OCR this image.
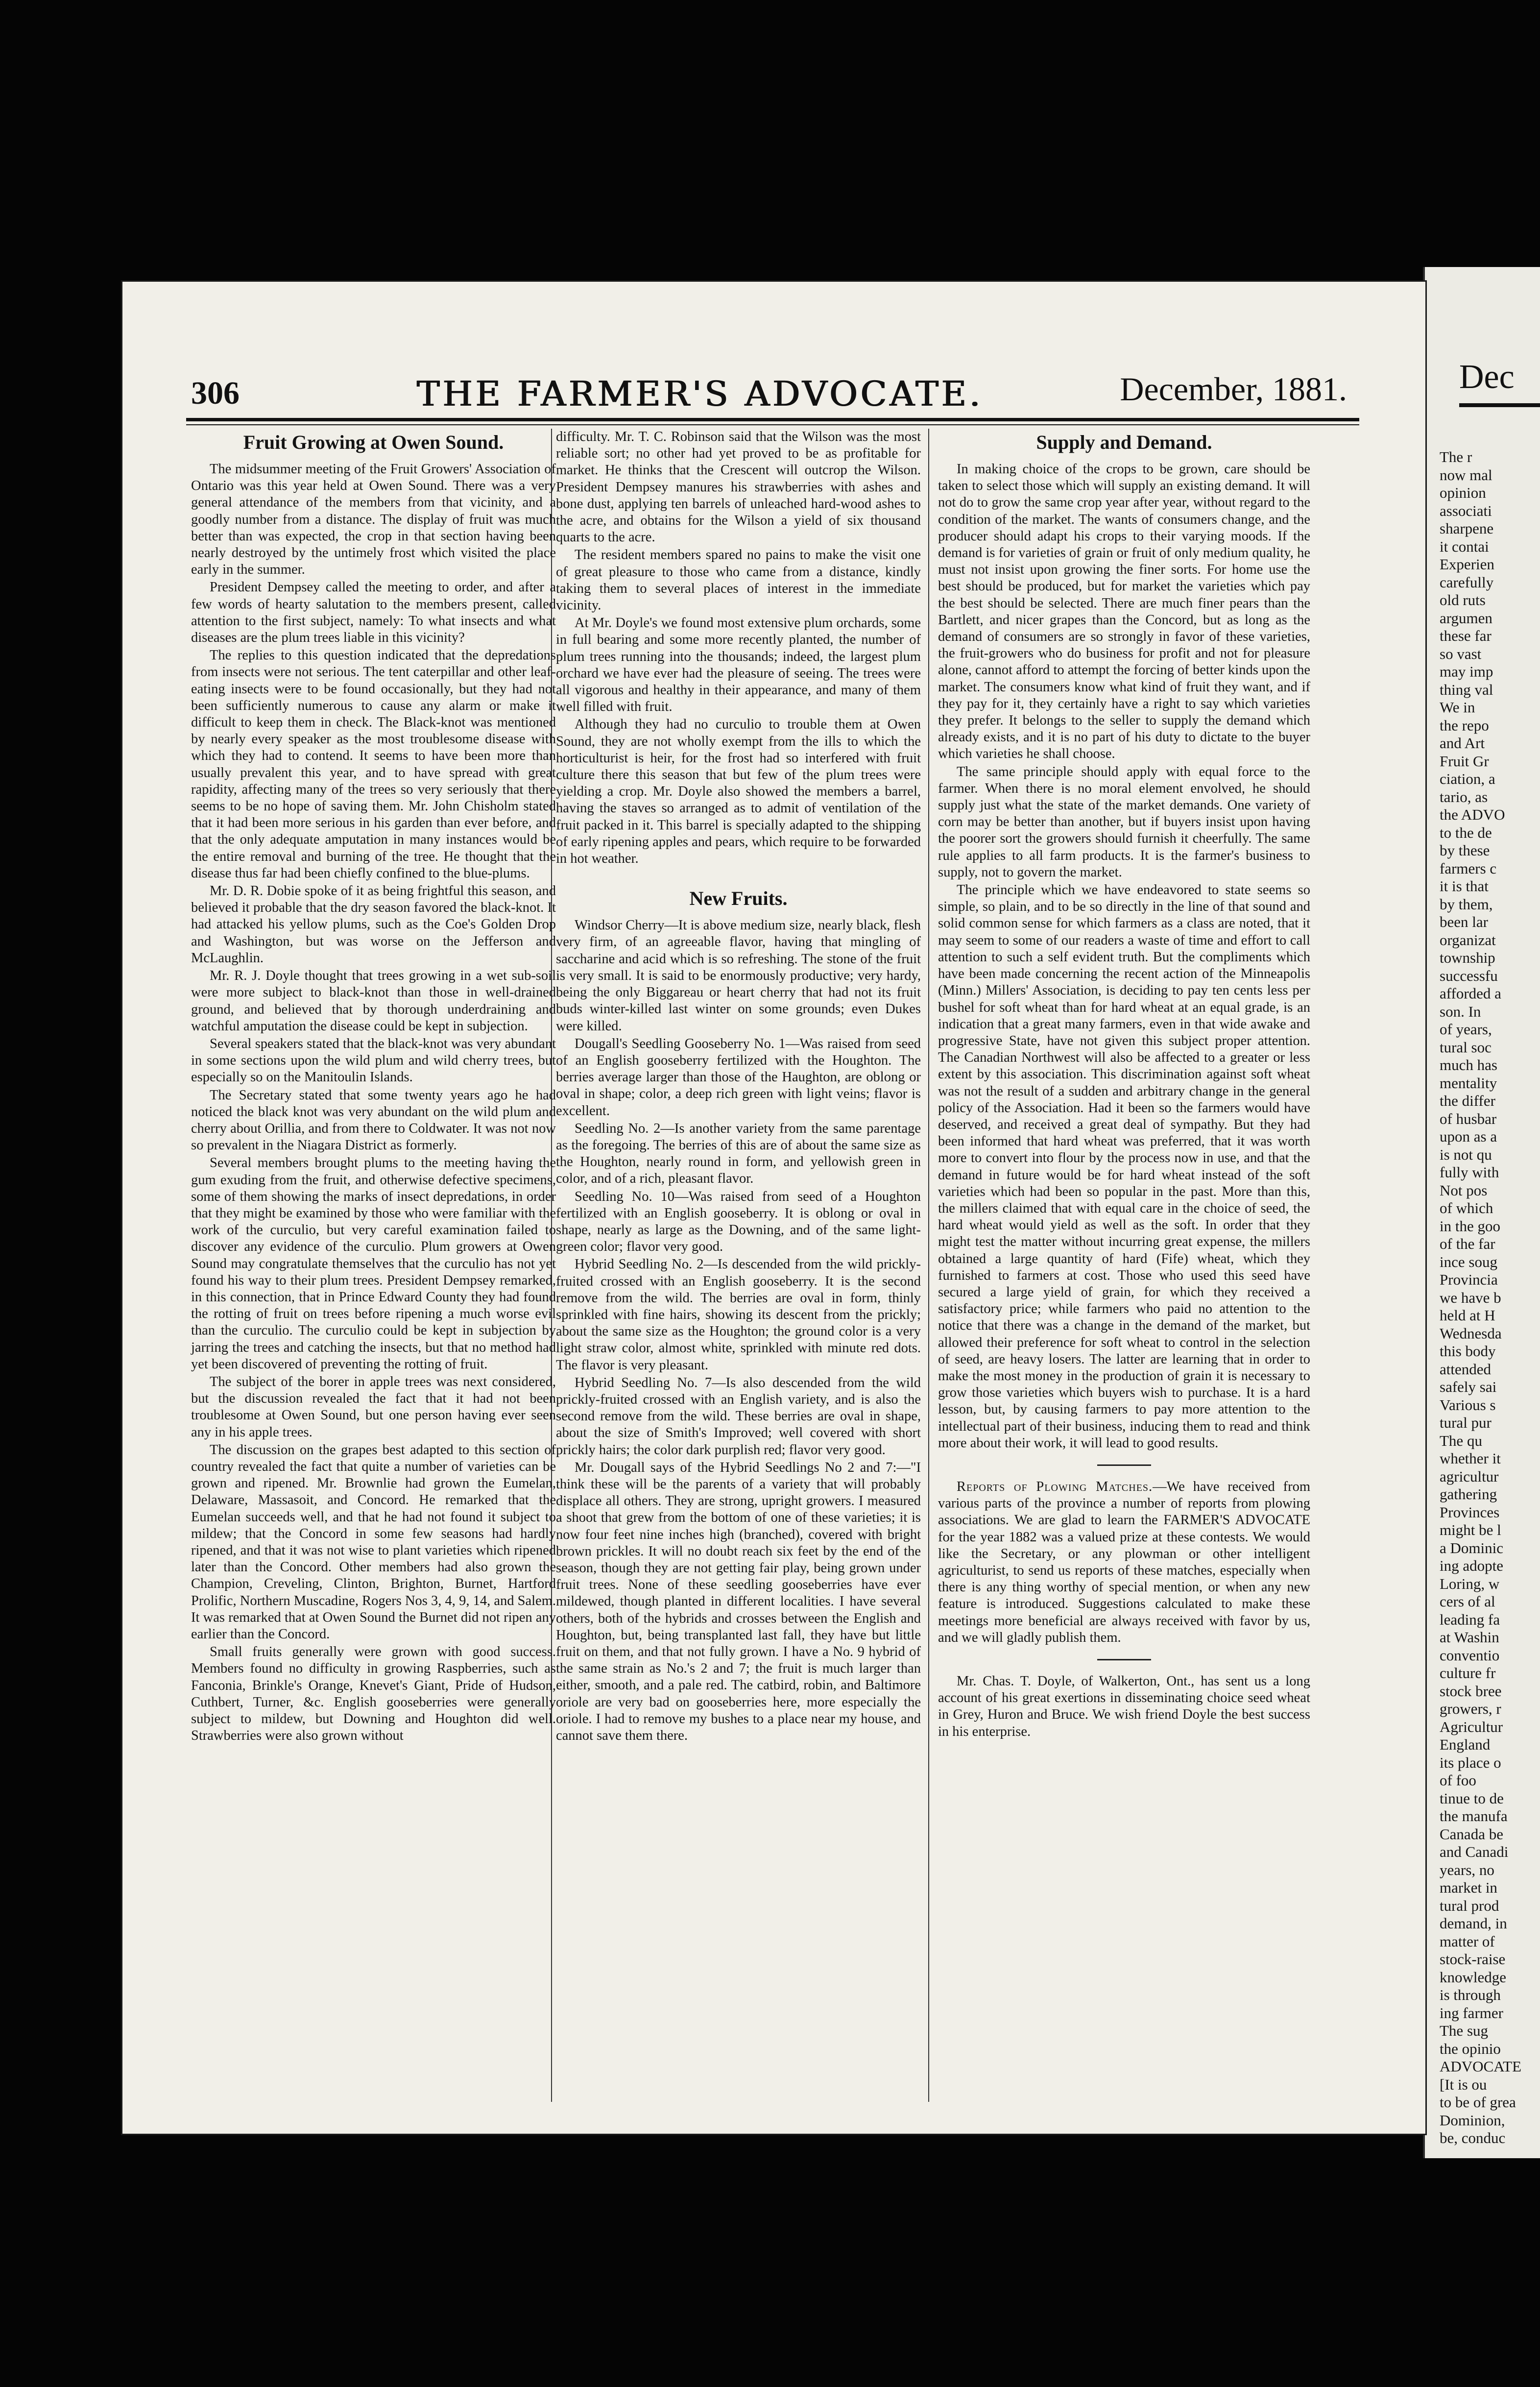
Dec
The r
now mal
opinion
associati
sharpene
it contai
Experien
carefully
old ruts
argumen
these far
so vast
may imp
thing val
We in
the repo
and Art
Fruit Gr
ciation, a
tario, as
the ADVO
to the de
by these
farmers c
it is that
by them,
been lar
organizat
township
successfu
afforded a
son. In
of years,
tural soc
much has
mentality
the differ
of husbar
upon as a
is not qu
fully with
Not pos
of which
in the goo
of the far
ince soug
Provincia
we have b
held at H
Wednesda
this body
attended
safely sai
Various s
tural pur
The qu
whether it
agricultur
gathering
Provinces
might be l
a Dominic
ing adopte
Loring, w
cers of al
leading fa
at Washin
conventio
culture fr
stock bree
growers, r
Agricultur
England
its place o
of foo
tinue to de
the manufa
Canada be
and Canadi
years, no
market in
tural prod
demand, in
matter of
stock-raise
knowledge
is through
ing farmer
The sug
the opinio
ADVOCATE
[It is ou
to be of grea
Dominion,
be, conduc
306	THE FARMER'S ADVOCATE.	December, 1881.
Fruit Growing at Owen Sound.

The midsummer meeting of the Fruit Growers' Association of Ontario was this year held at Owen Sound. There was a very general attendance of the members from that vicinity, and a goodly number from a distance. The display of fruit was much better than was expected, the crop in that section having been nearly destroyed by the untimely frost which visited the place early in the summer.

President Dempsey called the meeting to order, and after a few words of hearty salutation to the members present, called attention to the first subject, namely: To what insects and what diseases are the plum trees liable in this vicinity?

The replies to this question indicated that the depredations from insects were not serious. The tent caterpillar and other leaf-eating insects were to be found occasionally, but they had not been sufficiently numerous to cause any alarm or make it difficult to keep them in check. The Black-knot was mentioned by nearly every speaker as the most troublesome disease with which they had to contend. It seems to have been more than usually prevalent this year, and to have spread with great rapidity, affecting many of the trees so very seriously that there seems to be no hope of saving them. Mr. John Chisholm stated that it had been more serious in his garden than ever before, and that the only adequate amputation in many instances would be the entire removal and burning of the tree. He thought that the disease thus far had been chiefly confined to the blue-plums.

Mr. D. R. Dobie spoke of it as being frightful this season, and believed it probable that the dry season favored the black-knot. It had attacked his yellow plums, such as the Coe's Golden Drop and Washington, but was worse on the Jefferson and McLaughlin.

Mr. R. J. Doyle thought that trees growing in a wet sub-soil were more subject to black-knot than those in well-drained ground, and believed that by thorough underdraining and watchful amputation the disease could be kept in subjection.

Several speakers stated that the black-knot was very abundant in some sections upon the wild plum and wild cherry trees, but especially so on the Manitoulin Islands.

The Secretary stated that some twenty years ago he had noticed the black knot was very abundant on the wild plum and cherry about Orillia, and from there to Coldwater. It was not now so prevalent in the Niagara District as formerly.

Several members brought plums to the meeting having the gum exuding from the fruit, and otherwise defective specimens, some of them showing the marks of insect depredations, in order that they might be examined by those who were familiar with the work of the curculio, but very careful examination failed to discover any evidence of the curculio. Plum growers at Owen Sound may congratulate themselves that the curculio has not yet found his way to their plum trees. President Dempsey remarked, in this connection, that in Prince Edward County they had found the rotting of fruit on trees before ripening a much worse evil than the curculio. The curculio could be kept in subjection by jarring the trees and catching the insects, but that no method had yet been discovered of preventing the rotting of fruit.

The subject of the borer in apple trees was next considered, but the discussion revealed the fact that it had not been troublesome at Owen Sound, but one person having ever seen any in his apple trees.

The discussion on the grapes best adapted to this section of country revealed the fact that quite a number of varieties can be grown and ripened. Mr. Brownlie had grown the Eumelan, Delaware, Massasoit, and Concord. He remarked that the Eumelan succeeds well, and that he had not found it subject to mildew; that the Concord in some few seasons had hardly ripened, and that it was not wise to plant varieties which ripened later than the Concord. Other members had also grown the Champion, Creveling, Clinton, Brighton, Burnet, Hartford Prolific, Northern Muscadine, Rogers Nos 3, 4, 9, 14, and Salem. It was remarked that at Owen Sound the Burnet did not ripen any earlier than the Concord.

Small fruits generally were grown with good success. Members found no difficulty in growing Raspberries, such as Fanconia, Brinkle's Orange, Knevet's Giant, Pride of Hudson, Cuthbert, Turner, &c. English gooseberries were generally subject to mildew, but Downing and Houghton did well. Strawberries were also grown without

difficulty. Mr. T. C. Robinson said that the Wilson was the most reliable sort; no other had yet proved to be as profitable for market. He thinks that the Crescent will outcrop the Wilson. President Dempsey manures his strawberries with ashes and bone dust, applying ten barrels of unleached hard-wood ashes to the acre, and obtains for the Wilson a yield of six thousand quarts to the acre.

The resident members spared no pains to make the visit one of great pleasure to those who came from a distance, kindly taking them to several places of interest in the immediate vicinity.

At Mr. Doyle's we found most extensive plum orchards, some in full bearing and some more recently planted, the number of plum trees running into the thousands; indeed, the largest plum orchard we have ever had the pleasure of seeing. The trees were all vigorous and healthy in their appearance, and many of them well filled with fruit.

Although they had no curculio to trouble them at Owen Sound, they are not wholly exempt from the ills to which the horticulturist is heir, for the frost had so interfered with fruit culture there this season that but few of the plum trees were yielding a crop. Mr. Doyle also showed the members a barrel, having the staves so arranged as to admit of ventilation of the fruit packed in it. This barrel is specially adapted to the shipping of early ripening apples and pears, which require to be forwarded in hot weather.

New Fruits.

Windsor Cherry—It is above medium size, nearly black, flesh very firm, of an agreeable flavor, having that mingling of saccharine and acid which is so refreshing. The stone of the fruit is very small. It is said to be enormously productive; very hardy, being the only Biggareau or heart cherry that had not its fruit buds winter-killed last winter on some grounds; even Dukes were killed.

Dougall's Seedling Gooseberry No. 1—Was raised from seed of an English gooseberry fertilized with the Houghton. The berries average larger than those of the Haughton, are oblong or oval in shape; color, a deep rich green with light veins; flavor is excellent.

Seedling No. 2—Is another variety from the same parentage as the foregoing. The berries of this are of about the same size as the Houghton, nearly round in form, and yellowish green in color, and of a rich, pleasant flavor.

Seedling No. 10—Was raised from seed of a Houghton fertilized with an English gooseberry. It is oblong or oval in shape, nearly as large as the Downing, and of the same light-green color; flavor very good.

Hybrid Seedling No. 2—Is descended from the wild prickly-fruited crossed with an English gooseberry. It is the second remove from the wild. The berries are oval in form, thinly sprinkled with fine hairs, showing its descent from the prickly; about the same size as the Houghton; the ground color is a very light straw color, almost white, sprinkled with minute red dots. The flavor is very pleasant.

Hybrid Seedling No. 7—Is also descended from the wild prickly-fruited crossed with an English variety, and is also the second remove from the wild. These berries are oval in shape, about the size of Smith's Improved; well covered with short prickly hairs; the color dark purplish red; flavor very good.

Mr. Dougall says of the Hybrid Seedlings No 2 and 7:—"I think these will be the parents of a variety that will probably displace all others. They are strong, upright growers. I measured a shoot that grew from the bottom of one of these varieties; it is now four feet nine inches high (branched), covered with bright brown prickles. It will no doubt reach six feet by the end of the season, though they are not getting fair play, being grown under fruit trees. None of these seedling gooseberries have ever mildewed, though planted in different localities. I have several others, both of the hybrids and crosses between the English and Houghton, but, being transplanted last fall, they have but little fruit on them, and that not fully grown. I have a No. 9 hybrid of the same strain as No.'s 2 and 7; the fruit is much larger than either, smooth, and a pale red. The catbird, robin, and Baltimore oriole are very bad on gooseberries here, more especially the oriole. I had to remove my bushes to a place near my house, and cannot save them there.

Supply and Demand.

In making choice of the crops to be grown, care should be taken to select those which will supply an existing demand. It will not do to grow the same crop year after year, without regard to the condition of the market. The wants of consumers change, and the producer should adapt his crops to their varying moods. If the demand is for varieties of grain or fruit of only medium quality, he must not insist upon growing the finer sorts. For home use the best should be produced, but for market the varieties which pay the best should be selected. There are much finer pears than the Bartlett, and nicer grapes than the Concord, but as long as the demand of consumers are so strongly in favor of these varieties, the fruit-growers who do business for profit and not for pleasure alone, cannot afford to attempt the forcing of better kinds upon the market. The consumers know what kind of fruit they want, and if they pay for it, they certainly have a right to say which varieties they prefer. It belongs to the seller to supply the demand which already exists, and it is no part of his duty to dictate to the buyer which varieties he shall choose.

The same principle should apply with equal force to the farmer. When there is no moral element envolved, he should supply just what the state of the market demands. One variety of corn may be better than another, but if buyers insist upon having the poorer sort the growers should furnish it cheerfully. The same rule applies to all farm products. It is the farmer's business to supply, not to govern the market.

The principle which we have endeavored to state seems so simple, so plain, and to be so directly in the line of that sound and solid common sense for which farmers as a class are noted, that it may seem to some of our readers a waste of time and effort to call attention to such a self evident truth. But the compliments which have been made concerning the recent action of the Minneapolis (Minn.) Millers' Association, is deciding to pay ten cents less per bushel for soft wheat than for hard wheat at an equal grade, is an indication that a great many farmers, even in that wide awake and progressive State, have not given this subject proper attention. The Canadian Northwest will also be affected to a greater or less extent by this association. This discrimination against soft wheat was not the result of a sudden and arbitrary change in the general policy of the Association. Had it been so the farmers would have deserved, and received a great deal of sympathy. But they had been informed that hard wheat was preferred, that it was worth more to convert into flour by the process now in use, and that the demand in future would be for hard wheat instead of the soft varieties which had been so popular in the past. More than this, the millers claimed that with equal care in the choice of seed, the hard wheat would yield as well as the soft. In order that they might test the matter without incurring great expense, the millers obtained a large quantity of hard (Fife) wheat, which they furnished to farmers at cost. Those who used this seed have secured a large yield of grain, for which they received a satisfactory price; while farmers who paid no attention to the notice that there was a change in the demand of the market, but allowed their preference for soft wheat to control in the selection of seed, are heavy losers. The latter are learning that in order to make the most money in the production of grain it is necessary to grow those varieties which buyers wish to purchase. It is a hard lesson, but, by causing farmers to pay more attention to the intellectual part of their business, inducing them to read and think more about their work, it will lead to good results.

Reports of Plowing Matches.—We have received from various parts of the province a number of reports from plowing associations. We are glad to learn the FARMER'S ADVOCATE for the year 1882 was a valued prize at these contests. We would like the Secretary, or any plowman or other intelligent agriculturist, to send us reports of these matches, especially when there is any thing worthy of special mention, or when any new feature is introduced. Suggestions calculated to make these meetings more beneficial are always received with favor by us, and we will gladly publish them.

Mr. Chas. T. Doyle, of Walkerton, Ont., has sent us a long account of his great exertions in disseminating choice seed wheat in Grey, Huron and Bruce. We wish friend Doyle the best success in his enterprise.
